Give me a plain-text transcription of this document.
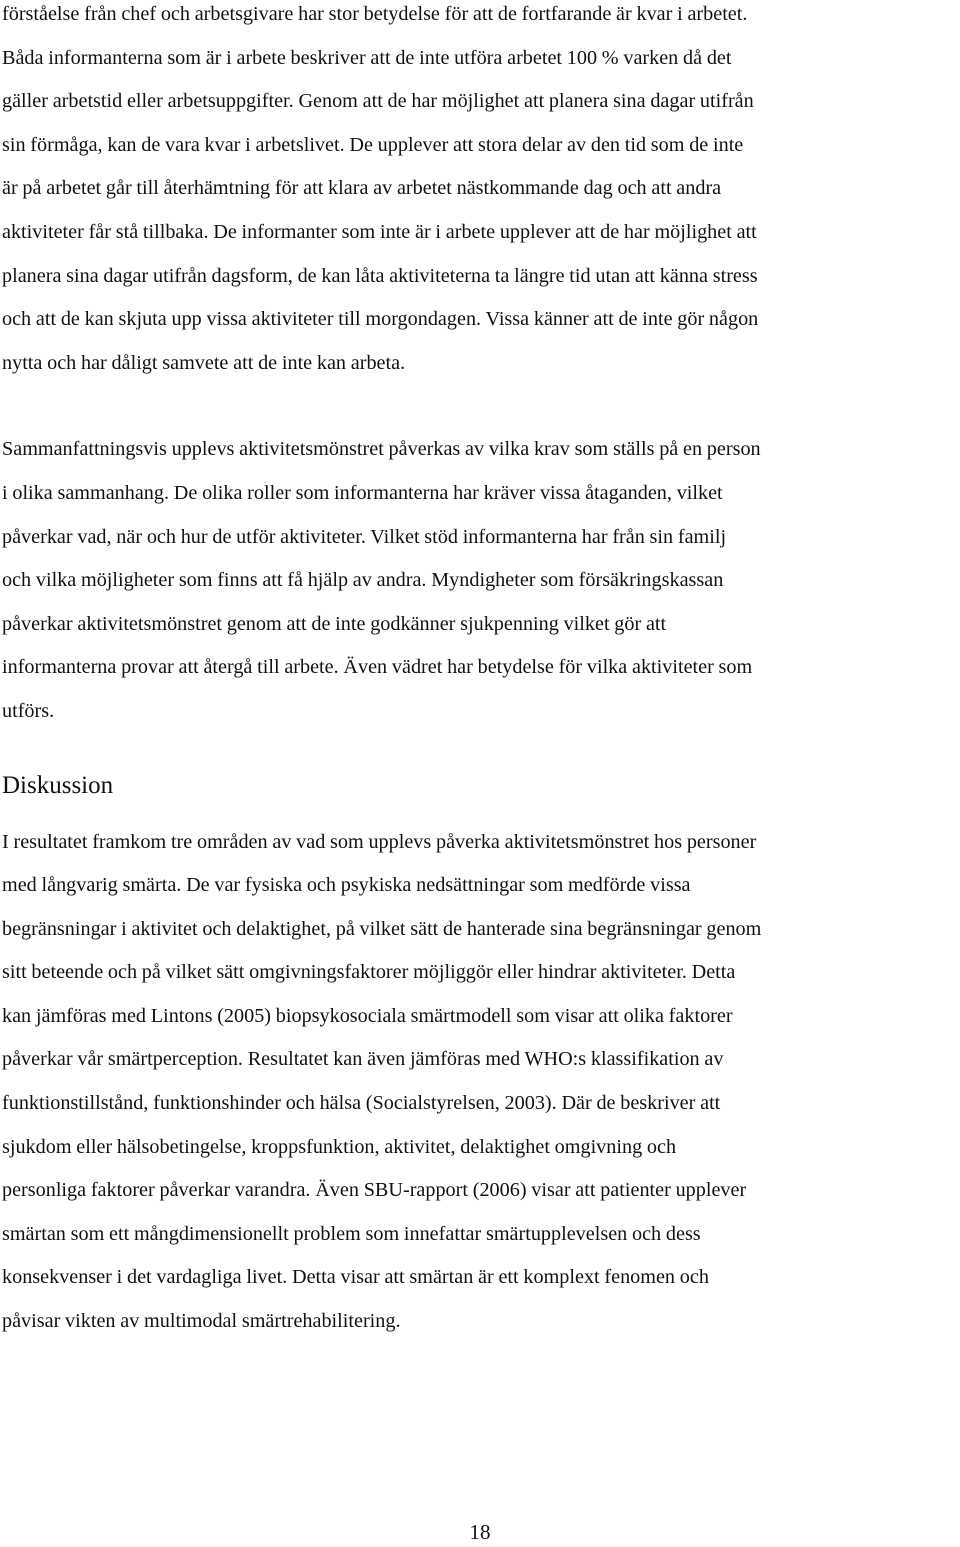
förståelse från chef och arbetsgivare har stor betydelse för att de fortfarande är kvar i arbetet.
Båda informanterna som är i arbete beskriver att de inte utföra arbetet 100 % varken då det
gäller arbetstid eller arbetsuppgifter. Genom att de har möjlighet att planera sina dagar utifrån
sin förmåga, kan de vara kvar i arbetslivet. De upplever att stora delar av den tid som de inte
är på arbetet går till återhämtning för att klara av arbetet nästkommande dag och att andra
aktiviteter får stå tillbaka. De informanter som inte är i arbete upplever att de har möjlighet att
planera sina dagar utifrån dagsform, de kan låta aktiviteterna ta längre tid utan att känna stress
och att de kan skjuta upp vissa aktiviteter till morgondagen. Vissa känner att de inte gör någon
nytta och har dåligt samvete att de inte kan arbeta.

Sammanfattningsvis upplevs aktivitetsmönstret påverkas av vilka krav som ställs på en person
i olika sammanhang. De olika roller som informanterna har kräver vissa åtaganden, vilket
påverkar vad, när och hur de utför aktiviteter. Vilket stöd informanterna har från sin familj
och vilka möjligheter som finns att få hjälp av andra. Myndigheter som försäkringskassan
påverkar aktivitetsmönstret genom att de inte godkänner sjukpenning vilket gör att
informanterna provar att återgå till arbete. Även vädret har betydelse för vilka aktiviteter som
utförs.

Diskussion

I resultatet framkom tre områden av vad som upplevs påverka aktivitetsmönstret hos personer
med långvarig smärta. De var fysiska och psykiska nedsättningar som medförde vissa
begränsningar i aktivitet och delaktighet, på vilket sätt de hanterade sina begränsningar genom
sitt beteende och på vilket sätt omgivningsfaktorer möjliggör eller hindrar aktiviteter. Detta
kan jämföras med Lintons (2005) biopsykosociala smärtmodell som visar att olika faktorer
påverkar vår smärtperception. Resultatet kan även jämföras med WHO:s klassifikation av
funktionstillstånd, funktionshinder och hälsa (Socialstyrelsen, 2003). Där de beskriver att
sjukdom eller hälsobetingelse, kroppsfunktion, aktivitet, delaktighet omgivning och
personliga faktorer påverkar varandra. Även SBU-rapport (2006) visar att patienter upplever
smärtan som ett mångdimensionellt problem som innefattar smärtupplevelsen och dess
konsekvenser i det vardagliga livet. Detta visar att smärtan är ett komplext fenomen och
påvisar vikten av multimodal smärtrehabilitering.

18
